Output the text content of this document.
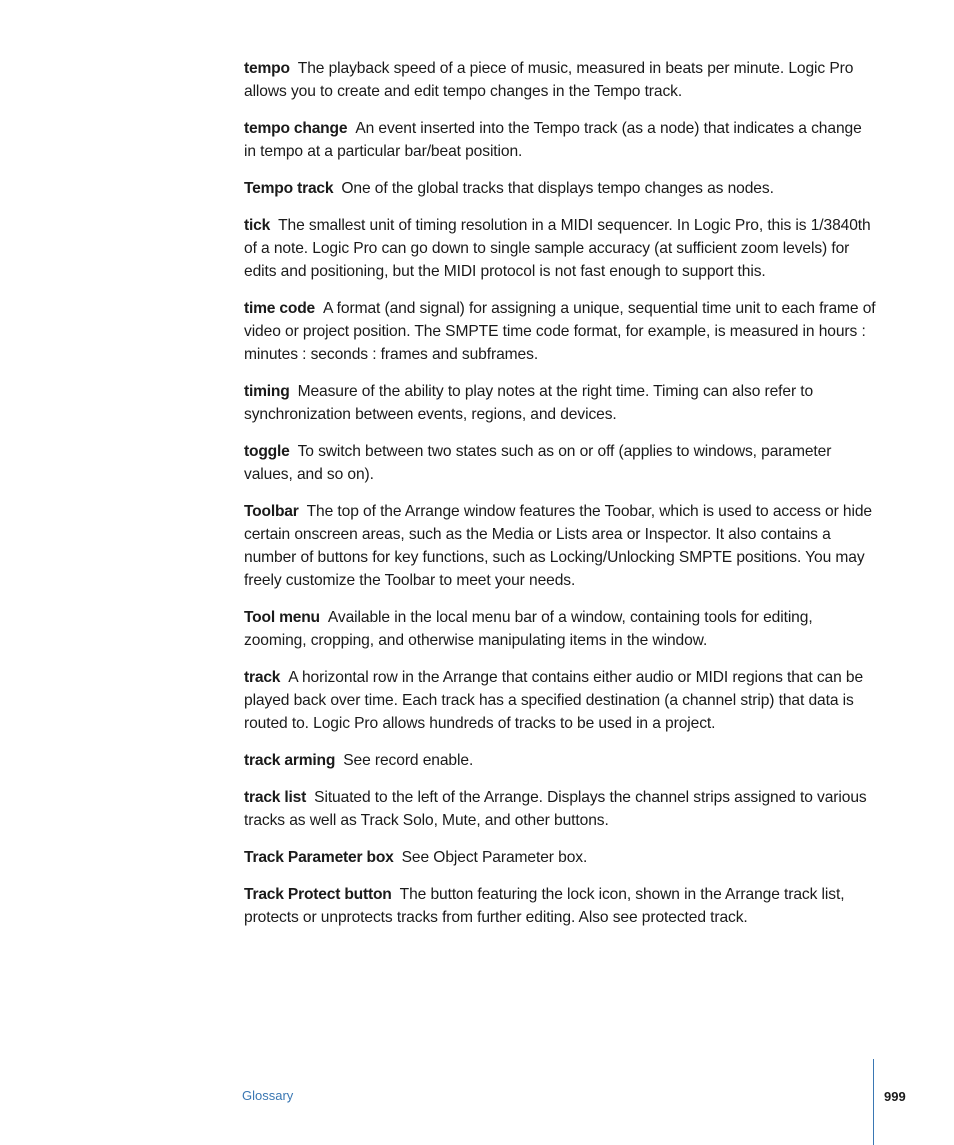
tempo The playback speed of a piece of music, measured in beats per minute. Logic Pro allows you to create and edit tempo changes in the Tempo track.

tempo change An event inserted into the Tempo track (as a node) that indicates a change in tempo at a particular bar/beat position.

Tempo track One of the global tracks that displays tempo changes as nodes.

tick The smallest unit of timing resolution in a MIDI sequencer. In Logic Pro, this is 1/3840th of a note. Logic Pro can go down to single sample accuracy (at sufficient zoom levels) for edits and positioning, but the MIDI protocol is not fast enough to support this.

time code A format (and signal) for assigning a unique, sequential time unit to each frame of video or project position. The SMPTE time code format, for example, is measured in hours : minutes : seconds : frames and subframes.

timing Measure of the ability to play notes at the right time. Timing can also refer to synchronization between events, regions, and devices.

toggle To switch between two states such as on or off (applies to windows, parameter values, and so on).

Toolbar The top of the Arrange window features the Toobar, which is used to access or hide certain onscreen areas, such as the Media or Lists area or Inspector. It also contains a number of buttons for key functions, such as Locking/Unlocking SMPTE positions. You may freely customize the Toolbar to meet your needs.

Tool menu Available in the local menu bar of a window, containing tools for editing, zooming, cropping, and otherwise manipulating items in the window.

track A horizontal row in the Arrange that contains either audio or MIDI regions that can be played back over time. Each track has a specified destination (a channel strip) that data is routed to. Logic Pro allows hundreds of tracks to be used in a project.

track arming See record enable.

track list Situated to the left of the Arrange. Displays the channel strips assigned to various tracks as well as Track Solo, Mute, and other buttons.

Track Parameter box See Object Parameter box.

Track Protect button The button featuring the lock icon, shown in the Arrange track list, protects or unprotects tracks from further editing. Also see protected track.

Glossary	999
